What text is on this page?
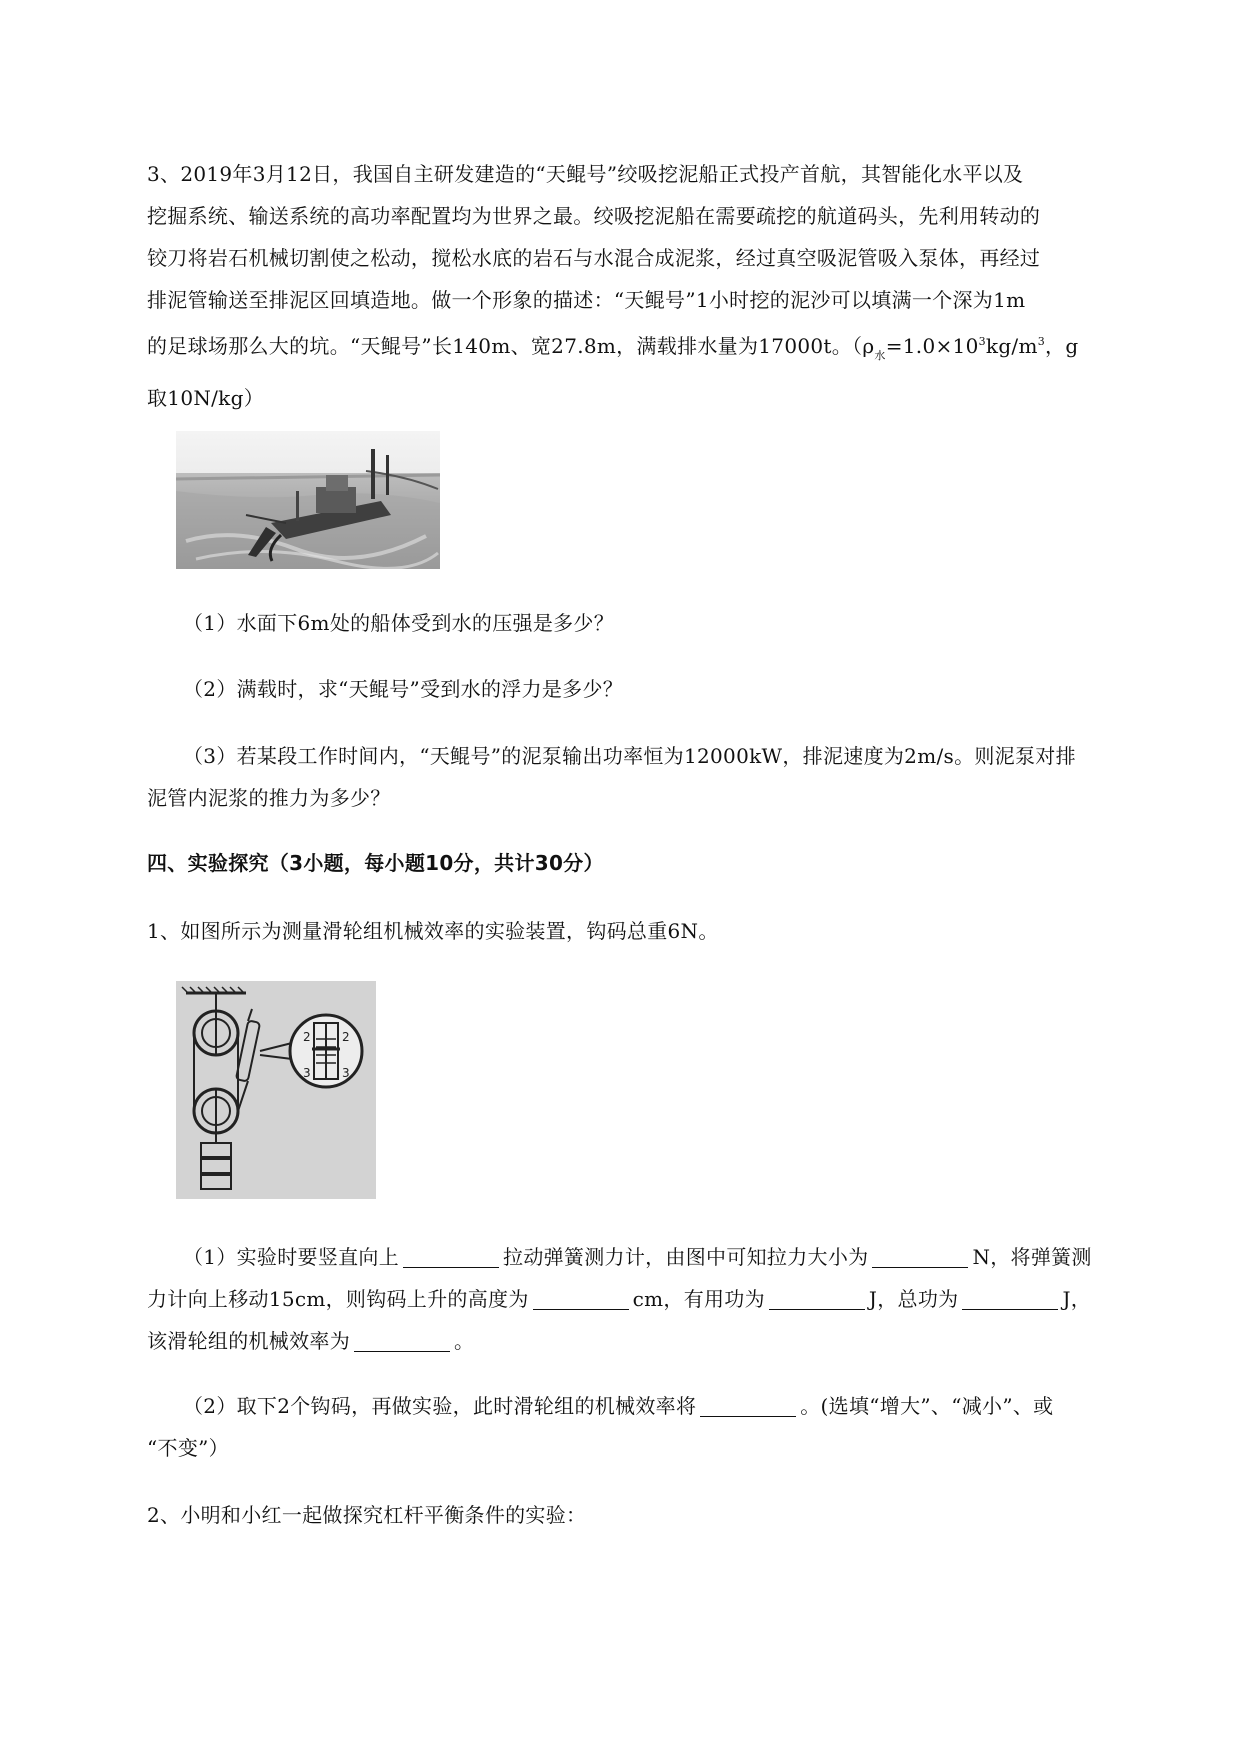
3、2019年3月12日，我国自主研发建造的“天鲲号”绞吸挖泥船正式投产首航，其智能化水平以及
挖掘系统、输送系统的高功率配置均为世界之最。绞吸挖泥船在需要疏挖的航道码头，先利用转动的
铰刀将岩石机械切割使之松动，搅松水底的岩石与水混合成泥浆，经过真空吸泥管吸入泵体，再经过
排泥管输送至排泥区回填造地。做一个形象的描述：“天鲲号”1小时挖的泥沙可以填满一个深为1m
的足球场那么大的坑。“天鲲号”长140m、宽27.8m，满载排水量为17000t。（$\rho_水=1.0\times 10^3kg/m^3$，g
取10N/kg）
（1）水面下6m处的船体受到水的压强是多少？
（2）满载时，求“天鲲号”受到水的浮力是多少？
（3）若某段工作时间内，“天鲲号”的泥泵输出功率恒为12000kW，排泥速度为2m/s。则泥泵对排
泥管内泥浆的推力为多少？
四、实验探究（3小题，每小题10分，共计30分）
1、如图所示为测量滑轮组机械效率的实验装置，钩码总重6N。
2	2
3	3
（1）实验时要竖直向上	拉动弹簧测力计，由图中可知拉力大小为	N，将弹簧测
力计向上移动15cm，则钩码上升的高度为	cm，有用功为	J，总功为	J，
该滑轮组的机械效率为	。
（2）取下2个钩码，再做实验，此时滑轮组的机械效率将	。(选填“增大”、“减小”、或
“不变”）
2、小明和小红一起做探究杠杆平衡条件的实验：
